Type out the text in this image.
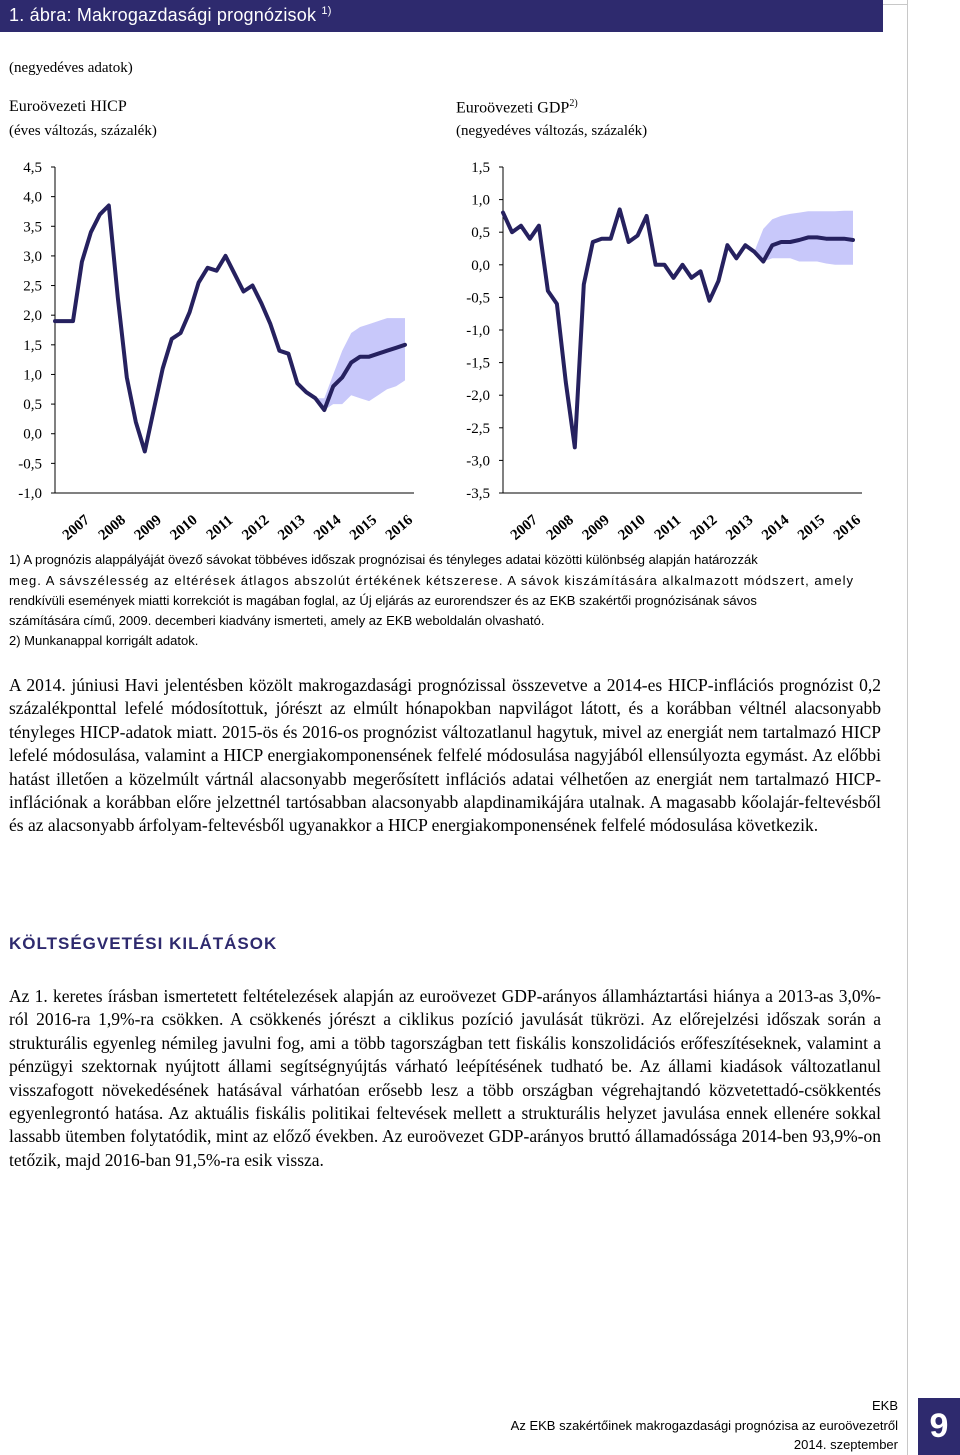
1. ábra: Makrogazdasági prognózisok $^{1)}$
(negyedéves adatok)
Euroövezeti HICP
(éves változás, százalék)
Euroövezeti GDP$^{2)}$
(negyedéves változás, százalék)
4,5
4,0
3,5
3,0
2,5
2,0
1,5
1,0
0,5
0,0
-0,5
-1,0
2007 2008 2009 2010 2011 2012 2013 2014 2015 2016
1,5
1,0
0,5
0,0
-0,5
-1,0
-1,5
-2,0
-2,5
-3,0
-3,5
2007 2008 2009 2010 2011 2012 2013 2014 2015 2016
1) A prognózis alappályáját övező sávokat többéves időszak prognózisai és tényleges adatai közötti különbség alapján határozzák
meg. A sávszélesség az eltérések átlagos abszolút értékének kétszerese. A sávok kiszámítására alkalmazott módszert, amely
rendkívüli események miatti korrekciót is magában foglal, az Új eljárás az eurorendszer és az EKB szakértői prognózisának sávos
számítására című, 2009. decemberi kiadvány ismerteti, amely az EKB weboldalán olvasható.
2) Munkanappal korrigált adatok.
A 2014. júniusi Havi jelentésben közölt makrogazdasági prognózissal összevetve a 2014-es HICP-inflációs prognózist 0,2 százalékponttal lefelé módosítottuk, jórészt az elmúlt hónapokban napvilágot látott, és a korábban véltnél alacsonyabb tényleges HICP-adatok miatt. 2015-ös és 2016-os prognózist változatlanul hagytuk, mivel az energiát nem tartalmazó HICP lefelé módosulása, valamint a HICP energiakomponensének felfelé módosulása nagyjából ellensúlyozta egymást. Az előbbi hatást illetően a közelmúlt vártnál alacsonyabb megerősített inflációs adatai vélhetően az energiát nem tartalmazó HICP-inflációnak a korábban előre jelzettnél tartósabban alacsonyabb alapdinamikájára utalnak. A magasabb kőolajár-feltevésből és az alacsonyabb árfolyam-feltevésből ugyanakkor a HICP energiakomponensének felfelé módosulása következik.
KÖLTSÉGVETÉSI KILÁTÁSOK
Az 1. keretes írásban ismertetett feltételezések alapján az euroövezet GDP-arányos államháztartási hiánya a 2013-as 3,0%-ról 2016-ra 1,9%-ra csökken. A csökkenés jórészt a ciklikus pozíció javulását tükrözi. Az előrejelzési időszak során a strukturális egyenleg némileg javulni fog, ami a több tagországban tett fiskális konszolidációs erőfeszítéseknek, valamint a pénzügyi szektornak nyújtott állami segítségnyújtás várható leépítésének tudható be. Az állami kiadások változatlanul visszafogott növekedésének hatásával várhatóan erősebb lesz a több országban végrehajtandó közvetettadó-csökkentés egyenlegrontó hatása. Az aktuális fiskális politikai feltevések mellett a strukturális helyzet javulása ennek ellenére sokkal lassabb ütemben folytatódik, mint az előző években. Az euroövezet GDP-arányos bruttó államadóssága 2014-ben 93,9%-on tetőzik, majd 2016-ban 91,5%-ra esik vissza.
EKB
Az EKB szakértőinek makrogazdasági prognózisa az euroövezetről
2014. szeptember 9
